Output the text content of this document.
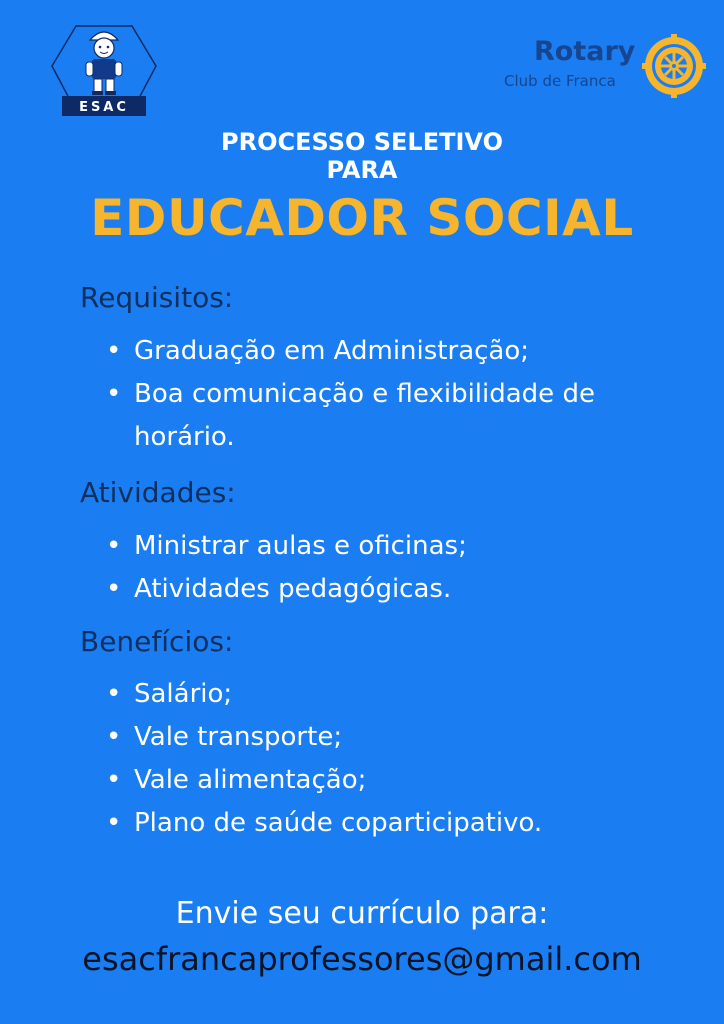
ESAC
Rotary
Club de Franca
PROCESSO SELETIVO
PARA
EDUCADOR SOCIAL
Requisitos:
• Graduação em Administração;
• Boa comunicação e flexibilidade de horário.
Atividades:
• Ministrar aulas e oficinas;
• Atividades pedagógicas.
Benefícios:
• Salário;
• Vale transporte;
• Vale alimentação;
• Plano de saúde coparticipativo.
Envie seu currículo para:
esacfrancaprofessores@gmail.com
